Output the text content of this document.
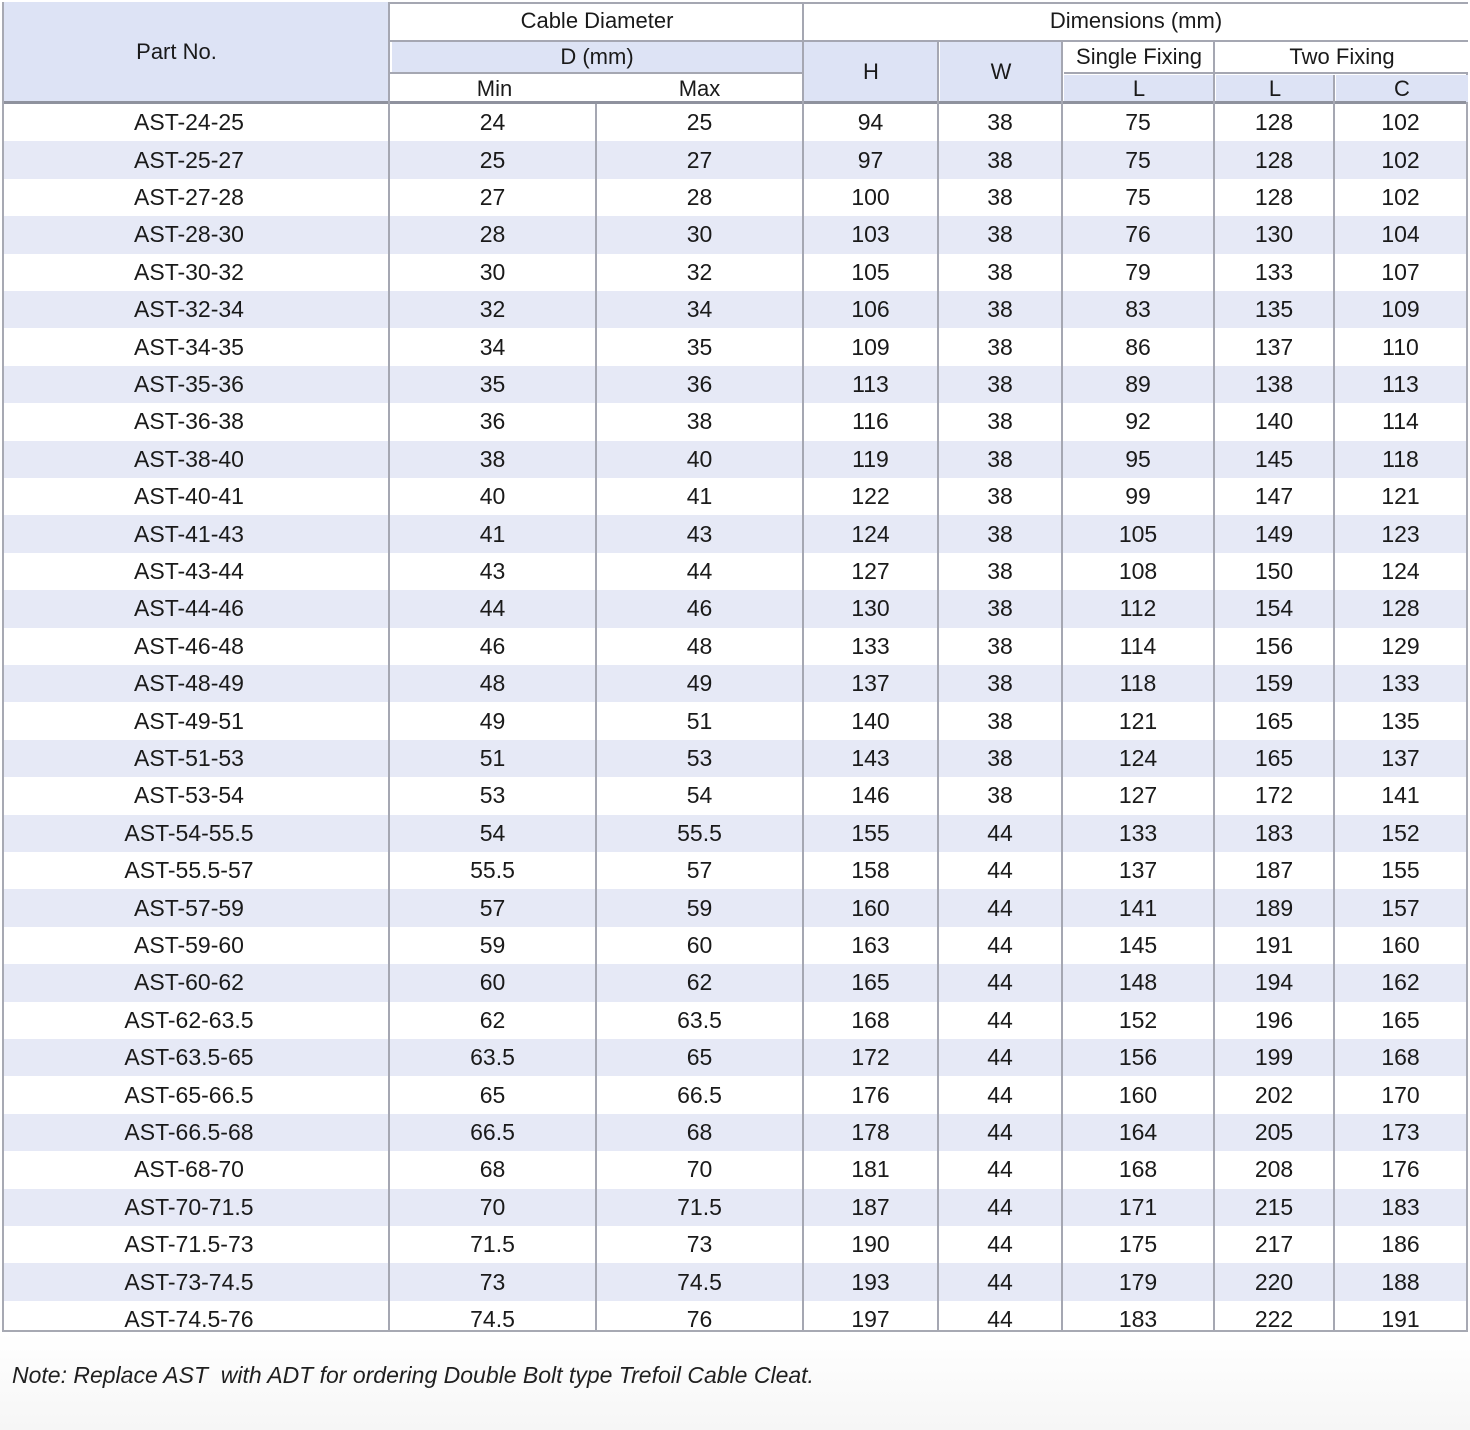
Part No.
Cable Diameter
D (mm)
Min	Max
Dimensions (mm)
H	W
Single Fixing	Two Fixing
L	L	C
AST-24-25	24	25	94	38	75	128	102
AST-25-27	25	27	97	38	75	128	102
AST-27-28	27	28	100	38	75	128	102
AST-28-30	28	30	103	38	76	130	104
AST-30-32	30	32	105	38	79	133	107
AST-32-34	32	34	106	38	83	135	109
AST-34-35	34	35	109	38	86	137	110
AST-35-36	35	36	113	38	89	138	113
AST-36-38	36	38	116	38	92	140	114
AST-38-40	38	40	119	38	95	145	118
AST-40-41	40	41	122	38	99	147	121
AST-41-43	41	43	124	38	105	149	123
AST-43-44	43	44	127	38	108	150	124
AST-44-46	44	46	130	38	112	154	128
AST-46-48	46	48	133	38	114	156	129
AST-48-49	48	49	137	38	118	159	133
AST-49-51	49	51	140	38	121	165	135
AST-51-53	51	53	143	38	124	165	137
AST-53-54	53	54	146	38	127	172	141
AST-54-55.5	54	55.5	155	44	133	183	152
AST-55.5-57	55.5	57	158	44	137	187	155
AST-57-59	57	59	160	44	141	189	157
AST-59-60	59	60	163	44	145	191	160
AST-60-62	60	62	165	44	148	194	162
AST-62-63.5	62	63.5	168	44	152	196	165
AST-63.5-65	63.5	65	172	44	156	199	168
AST-65-66.5	65	66.5	176	44	160	202	170
AST-66.5-68	66.5	68	178	44	164	205	173
AST-68-70	68	70	181	44	168	208	176
AST-70-71.5	70	71.5	187	44	171	215	183
AST-71.5-73	71.5	73	190	44	175	217	186
AST-73-74.5	73	74.5	193	44	179	220	188
AST-74.5-76	74.5	76	197	44	183	222	191
Note: Replace AST  with ADT for ordering Double Bolt type Trefoil Cable Cleat.
